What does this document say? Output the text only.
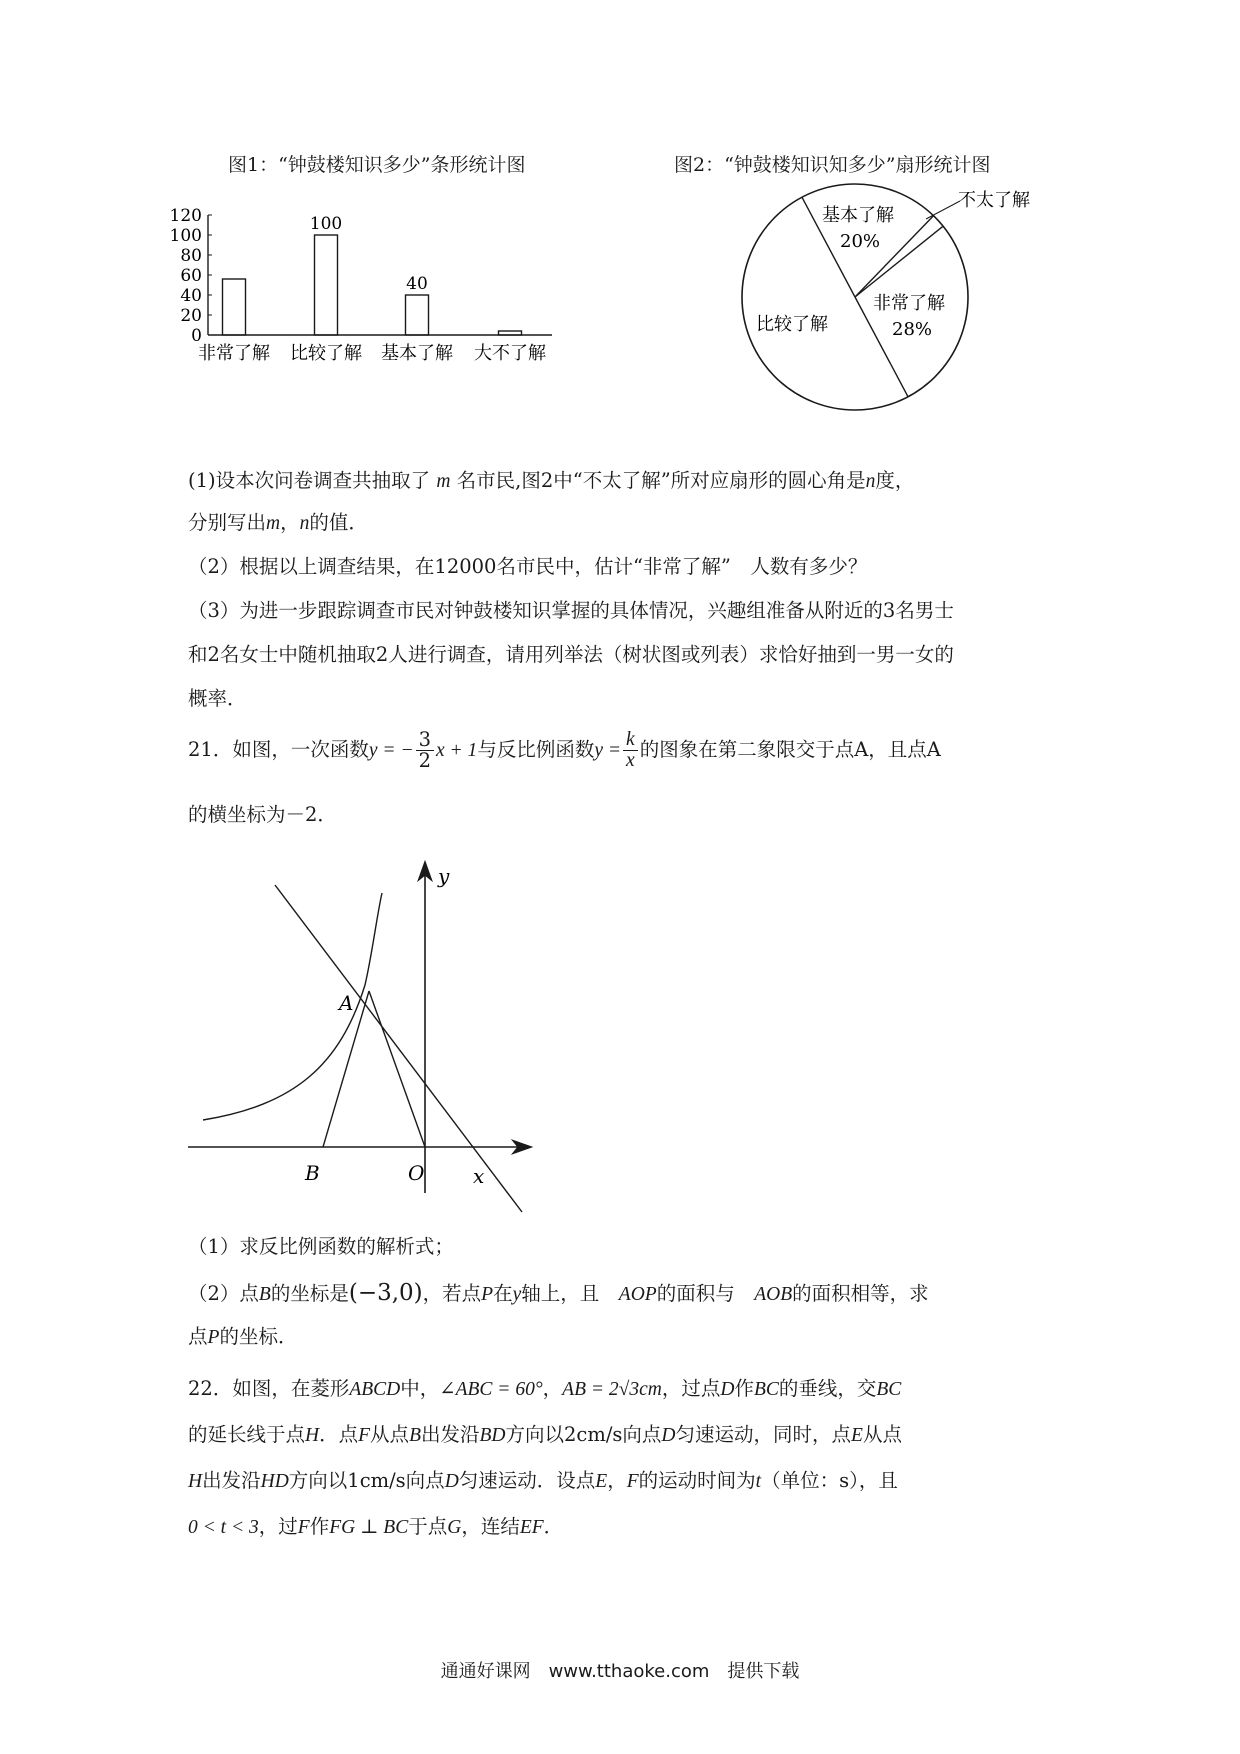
图1：“钟鼓楼知识多少”条形统计图	图2：“钟鼓楼知识知多少”扇形统计图
0
20
40
60
80
100
120
非常了解
100
比较了解
40
基本了解 大不了解
基本了解
20%
不太了解
非常了解
28%
比较了解
(1)设本次问卷调查共抽取了 m 名市民,图2中“不太了解”所对应扇形的圆心角是n度，
分别写出m，n的值．
（2）根据以上调查结果，在12000名市民中，估计“非常了解”　人数有多少？
（3）为进一步跟踪调查市民对钟鼓楼知识掌握的具体情况，兴趣组准备从附近的3名男士
和2名女士中随机抽取2人进行调查，请用列举法（树状图或列表）求恰好抽到一男一女的
概率．
21．如图，一次函数y = − $\frac{3}{2}$ x + 1与反比例函数$y = \frac{k}{x}$ 的图象在第二象限交于点A，且点A
的横坐标为－2．
y
x
A
B	O
（1）求反比例函数的解析式；
（2）点B的坐标是(−3,0)，若点P在y轴上，且　AOP的面积与　AOB的面积相等，求
点P的坐标．
22．如图，在菱形ABCD中，∠ABC = 60°，AB = 2√3cm，过点D作BC的垂线，交BC
的延长线于点H．点F从点B出发沿BD方向以2cm/s向点D匀速运动，同时，点E从点
H出发沿HD方向以1cm/s向点D匀速运动．设点E，F的运动时间为t（单位：s），且
0 < t < 3，过F作FG ⊥ BC于点G，连结EF．
通通好课网　www.tthaoke.com　提供下载
